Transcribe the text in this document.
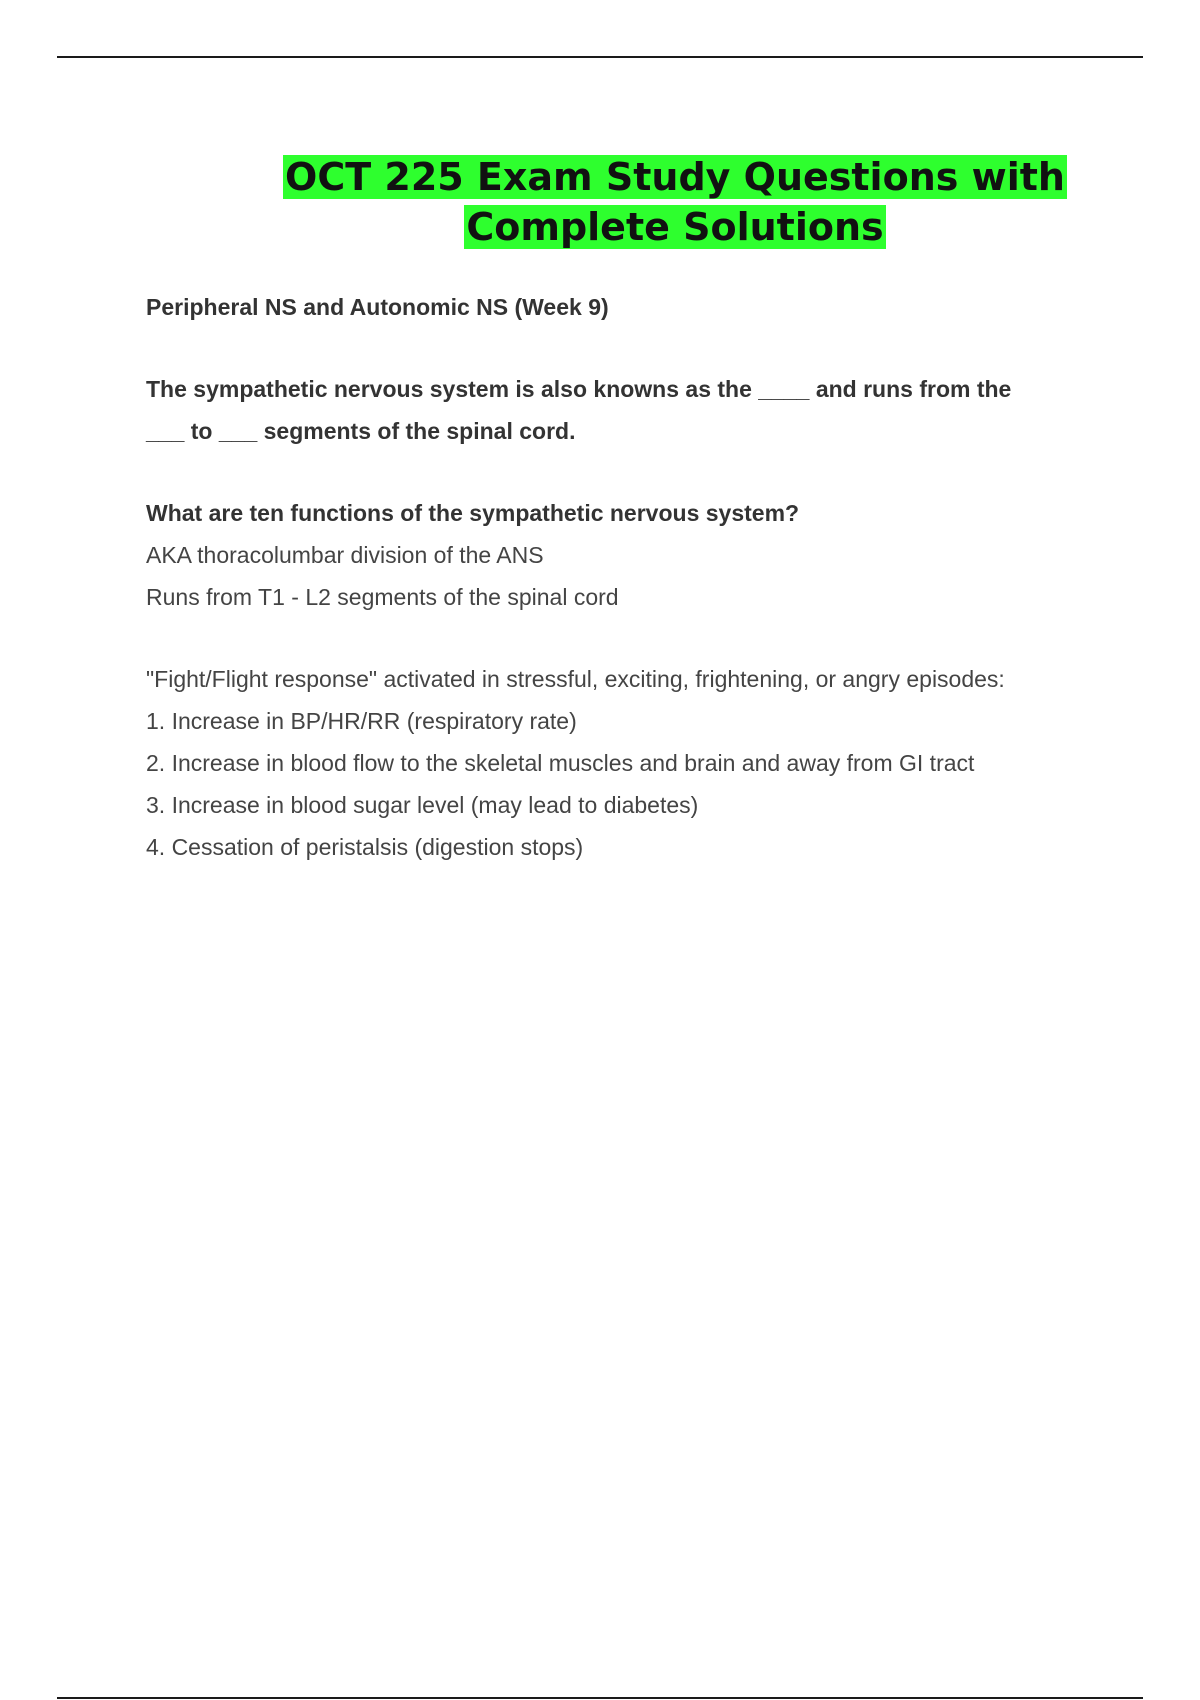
OCT 225 Exam Study Questions with
Complete Solutions

Peripheral NS and Autonomic NS (Week 9)

The sympathetic nervous system is also knowns as the ____ and runs from the
___ to ___ segments of the spinal cord.

What are ten functions of the sympathetic nervous system?

AKA thoracolumbar division of the ANS

Runs from T1 - L2 segments of the spinal cord

"Fight/Flight response" activated in stressful, exciting, frightening, or angry episodes:

1. Increase in BP/HR/RR (respiratory rate)

2. Increase in blood flow to the skeletal muscles and brain and away from GI tract

3. Increase in blood sugar level (may lead to diabetes)

4. Cessation of peristalsis (digestion stops)
